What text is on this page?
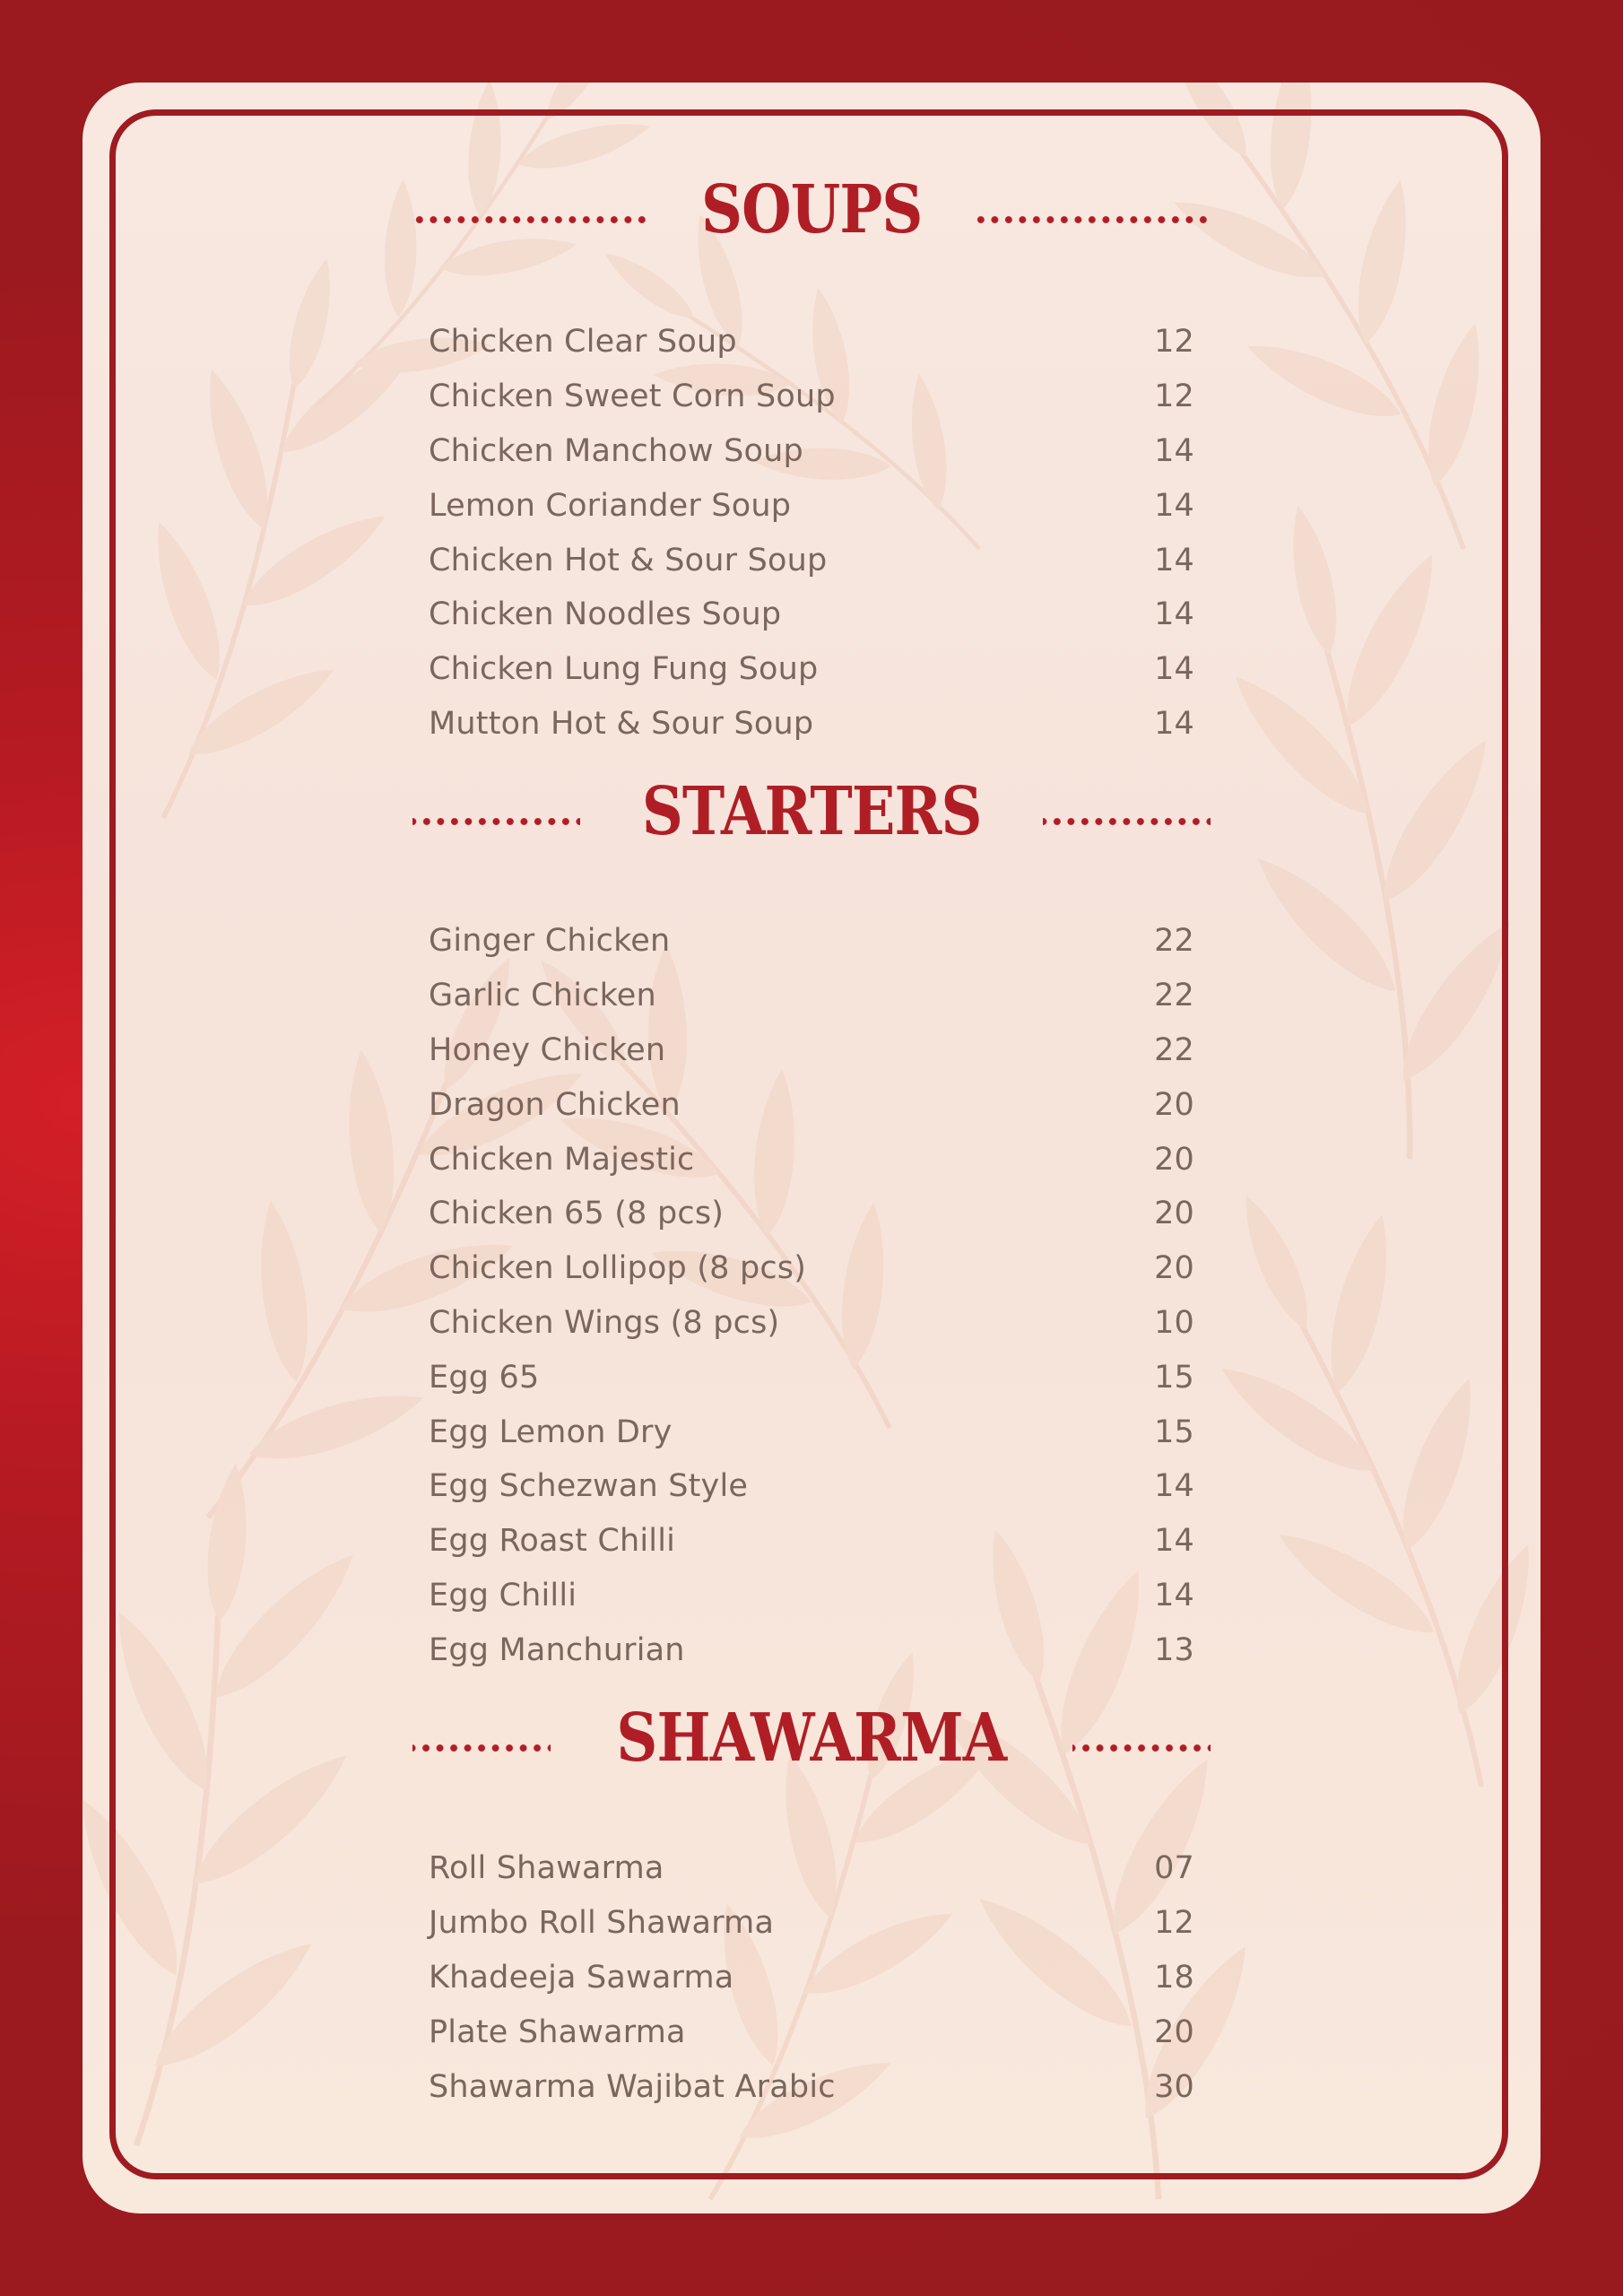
SOUPS
Chicken Clear Soup	12
Chicken Sweet Corn Soup	12
Chicken Manchow Soup	14
Lemon Coriander Soup	14
Chicken Hot & Sour Soup	14
Chicken Noodles Soup	14
Chicken Lung Fung Soup	14
Mutton Hot & Sour Soup	14
STARTERS
Ginger Chicken	22
Garlic Chicken	22
Honey Chicken	22
Dragon Chicken	20
Chicken Majestic	20
Chicken 65 (8 pcs)	20
Chicken Lollipop (8 pcs)	20
Chicken Wings (8 pcs)	10
Egg 65	15
Egg Lemon Dry	15
Egg Schezwan Style	14
Egg Roast Chilli	14
Egg Chilli	14
Egg Manchurian	13
SHAWARMA
Roll Shawarma	07
Jumbo Roll Shawarma	12
Khadeeja Sawarma	18
Plate Shawarma	20
Shawarma Wajibat Arabic	30
